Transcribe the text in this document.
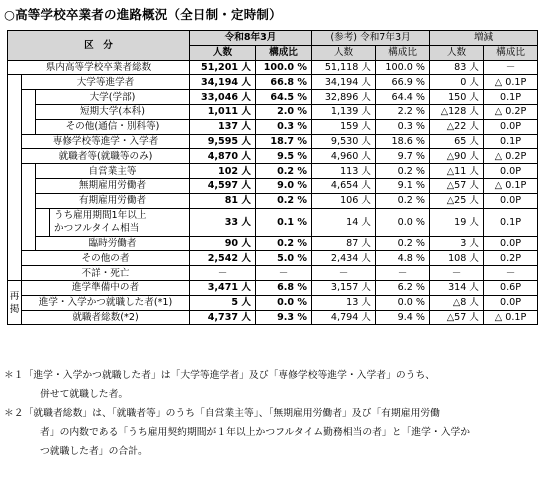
○高等学校卒業者の進路概況（全日制・定時制）
区　分				令和8年3月		(参考) 令和7年3月		増減	
				人数	構成比	人数	構成比	人数	構成比
県内高等学校卒業者総数				51,201 人	100.0 %	51,118 人	100.0 %	83 人	－
	大学等進学者			34,194 人	66.8 %	34,194 人	66.9 %	0 人	△ 0.1P
		大学(学部)		33,046 人	64.5 %	32,896 人	64.4 %	150 人	0.1P
		短期大学(本科)		1,011 人	2.0 %	1,139 人	2.2 %	△128 人	△ 0.2P
		その他(通信・別科等)		137 人	0.3 %	159 人	0.3 %	△22 人	0.0P
	専修学校等進学・入学者			9,595 人	18.7 %	9,530 人	18.6 %	65 人	0.1P
	就職者等(就職等のみ)			4,870 人	9.5 %	4,960 人	9.7 %	△90 人	△ 0.2P
		自営業主等		102 人	0.2 %	113 人	0.2 %	△11 人	0.0P
		無期雇用労働者		4,597 人	9.0 %	4,654 人	9.1 %	△57 人	△ 0.1P
		有期雇用労働者		81 人	0.2 %	106 人	0.2 %	△25 人	0.0P

			うち雇用期間1年以上
かつフルタイム相当	33 人	0.1 %	14 人	0.0 %	19 人	0.1P
		臨時労働者		90 人	0.2 %	87 人	0.2 %	3 人	0.0P
	その他の者			2,542 人	5.0 %	2,434 人	4.8 %	108 人	0.2P
	不詳・死亡			－	－	－	－	－	－

再掲	進学準備中の者			3,471 人	6.8 %	3,157 人	6.2 %	314 人	0.6P
	進学・入学かつ就職した者(*1)			5 人	0.0 %	13 人	0.0 %	△8 人	0.0P
	就職者総数(*2)			4,737 人	9.3 %	4,794 人	9.4 %	△57 人	△ 0.1P
＊１「進学・入学かつ就職した者」は「大学等進学者」及び「専修学校等進学・入学者」のうち、
併せて就職した者。
＊２「就職者総数」は、「就職者等」のうち「自営業主等」、「無期雇用労働者」及び「有期雇用労働
者」の内数である「うち雇用契約期間が１年以上かつフルタイム勤務相当の者」と「進学・入学か
つ就職した者」の合計。
